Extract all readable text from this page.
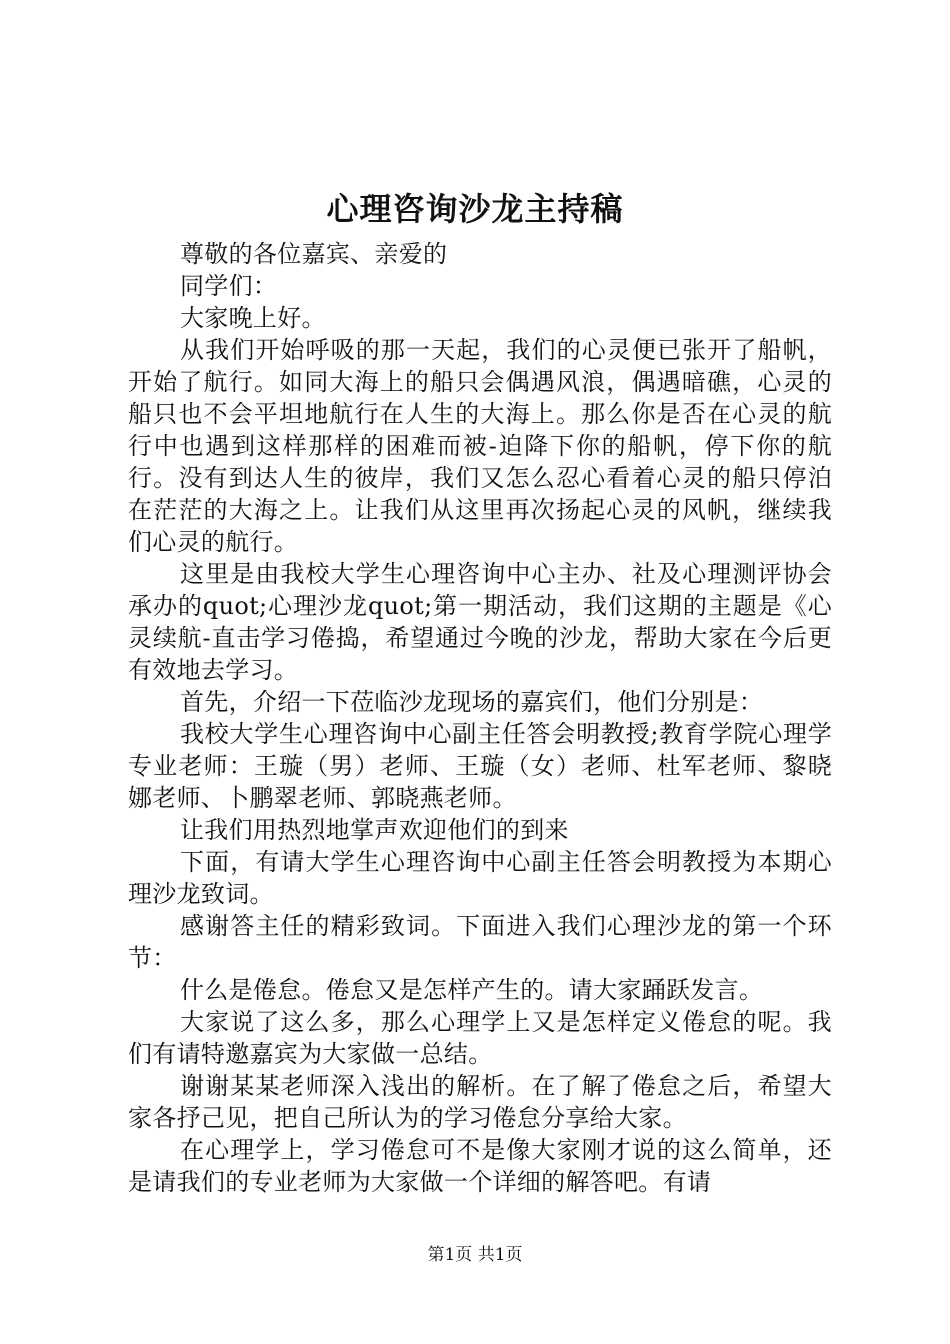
心理咨询沙龙主持稿

尊敬的各位嘉宾、亲爱的

同学们：

大家晚上好。

从我们开始呼吸的那一天起，我们的心灵便已张开了船帆，开始了航行。如同大海上的船只会偶遇风浪，偶遇暗礁，心灵的船只也不会平坦地航行在人生的大海上。那么你是否在心灵的航行中也遇到这样那样的困难而被-迫降下你的船帆，停下你的航行。没有到达人生的彼岸，我们又怎么忍心看着心灵的船只停泊在茫茫的大海之上。让我们从这里再次扬起心灵的风帆，继续我们心灵的航行。

这里是由我校大学生心理咨询中心主办、社及心理测评协会承办的quot;心理沙龙quot;第一期活动，我们这期的主题是《心灵续航-直击学习倦捣，希望通过今晚的沙龙，帮助大家在今后更有效地去学习。

首先，介绍一下莅临沙龙现场的嘉宾们，他们分别是：

我校大学生心理咨询中心副主任答会明教授;教育学院心理学专业老师：王璇（男）老师、王璇（女）老师、杜军老师、黎晓娜老师、卜鹏翠老师、郭晓燕老师。

让我们用热烈地掌声欢迎他们的到来

下面，有请大学生心理咨询中心副主任答会明教授为本期心理沙龙致词。

感谢答主任的精彩致词。下面进入我们心理沙龙的第一个环节：

什么是倦怠。倦怠又是怎样产生的。请大家踊跃发言。

大家说了这么多，那么心理学上又是怎样定义倦怠的呢。我们有请特邀嘉宾为大家做一总结。

谢谢某某老师深入浅出的解析。在了解了倦怠之后，希望大家各抒己见，把自己所认为的学习倦怠分享给大家。

在心理学上，学习倦怠可不是像大家刚才说的这么简单，还是请我们的专业老师为大家做一个详细的解答吧。有请

第1页 共1页
